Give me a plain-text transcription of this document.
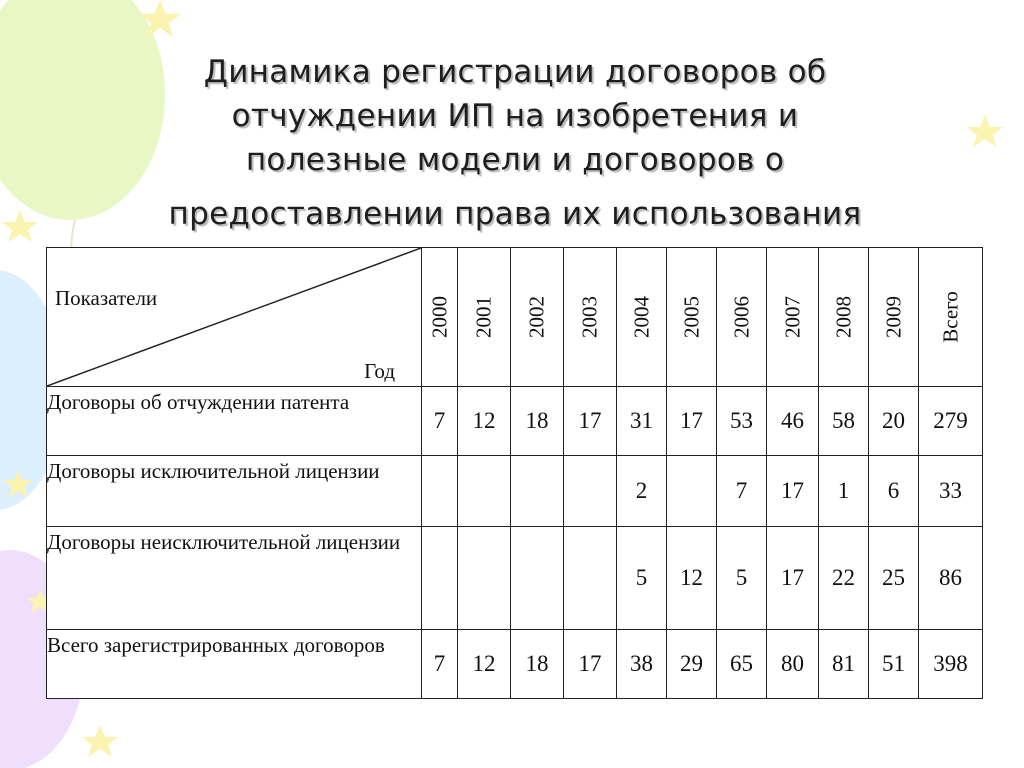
Динамика регистрации договоров об
отчуждении ИП на изобретения и
полезные модели и договоров о
предоставлении права их использования
Показатели
Год	2000	2001	2002	2003	2004	2005	2006	2007	2008	2009	Всего

Договоры об отчуждении патента	7	12	18	17	31	17	53	46	58	20	279
Договоры исключительной лицензии					2		7	17	1	6	33
Договоры неисключительной лицензии					5	12	5	17	22	25	86
Всего зарегистрированных договоров	7	12	18	17	38	29	65	80	81	51	398
